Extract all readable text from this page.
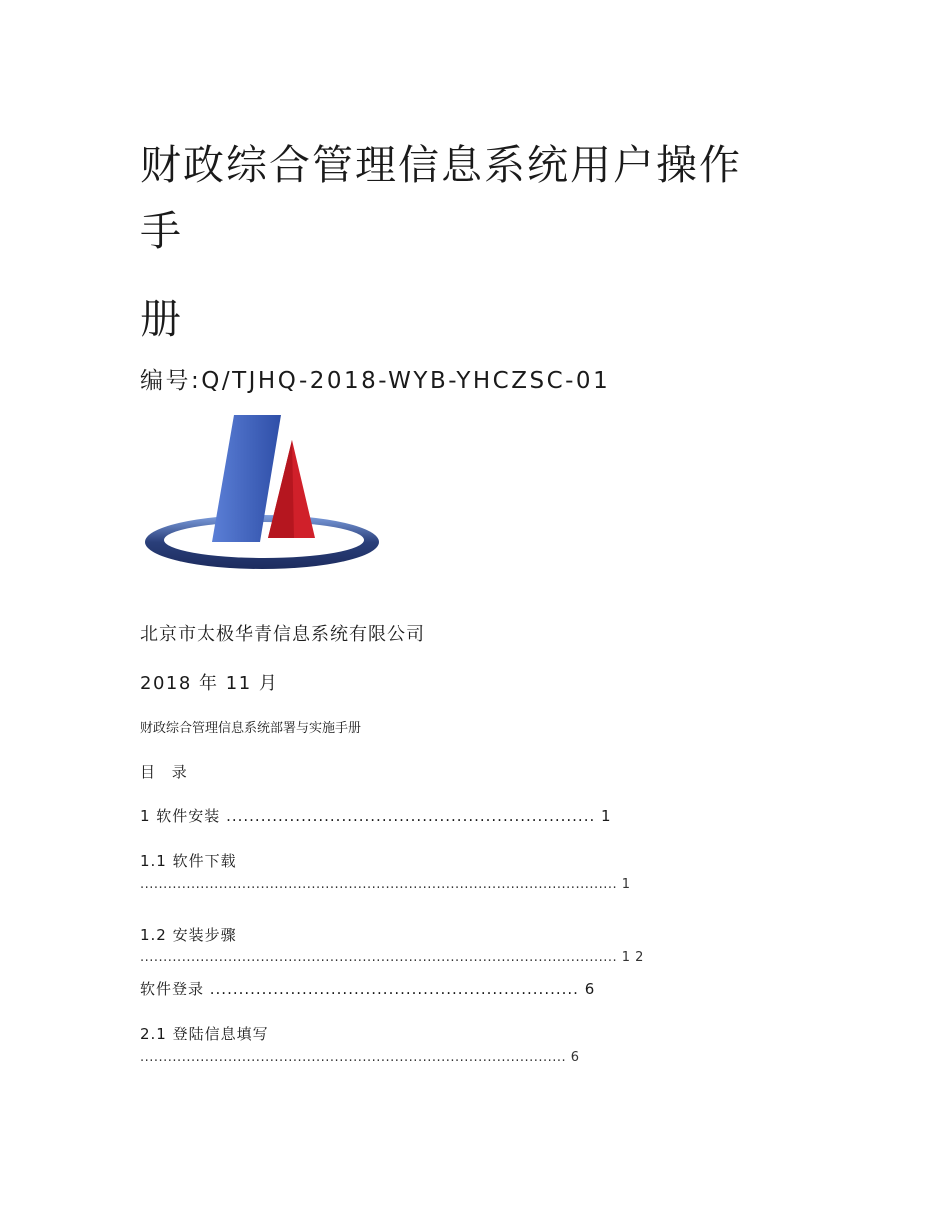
财政综合管理信息系统用户操作
手
册
编号:Q/TJHQ-2018-WYB-YHCZSC-01
北京市太极华青信息系统有限公司
2018 年 11 月
财政综合管理信息系统部署与实施手册
目 录
1 软件安装 ................................................................ 1
1.1 软件下载
....................................................................................................... 1
1.2 安装步骤
....................................................................................................... 1 2
软件登录 ................................................................ 6
2.1 登陆信息填写
............................................................................................ 6
